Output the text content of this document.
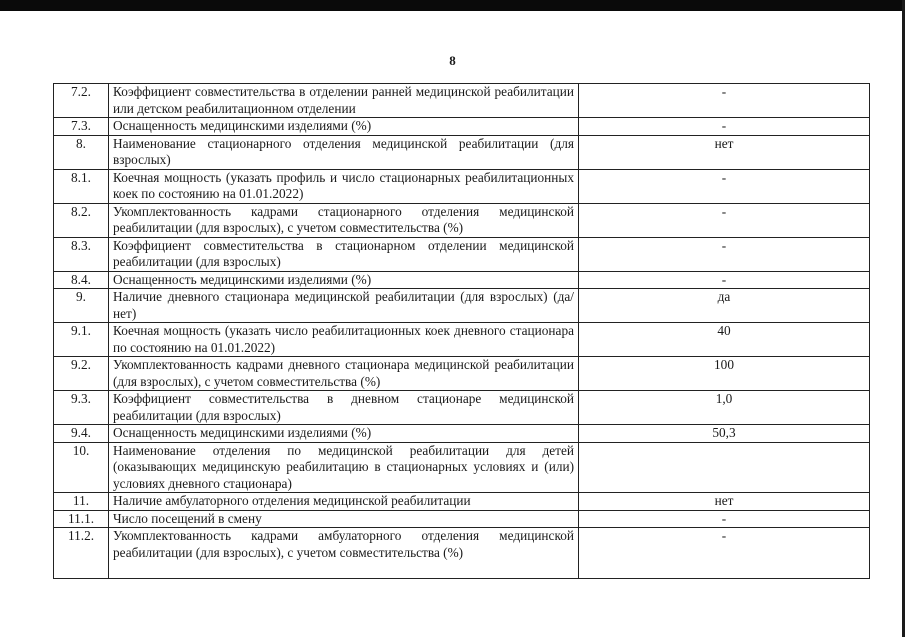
8
7.2.	Коэффициент совместительства в отделении ранней медицинской реабилитации или детском реабилитационном отделении	-
7.3.	Оснащенность медицинскими изделиями (%)	-
8.	Наименование стационарного отделения медицинской реабилитации (для взрослых)	нет
8.1.	Коечная мощность (указать профиль и число стационарных реабилитационных коек по состоянию на 01.01.2022)	-
8.2.	Укомплектованность кадрами стационарного отделения медицинской реабилитации (для взрослых), с учетом совместительства (%)	-
8.3.	Коэффициент совместительства в стационарном отделении медицинской реабилитации (для взрослых)	-
8.4.	Оснащенность медицинскими изделиями (%)	-
9.	Наличие дневного стационара медицинской реабилитации (для взрослых) (да/нет)	да
9.1.	Коечная мощность (указать число реабилитационных коек дневного стационара по состоянию на 01.01.2022)	40
9.2.	Укомплектованность кадрами дневного стационара медицинской реабилитации (для взрослых), с учетом совместительства (%)	100
9.3.	Коэффициент совместительства в дневном стационаре медицинской реабилитации (для взрослых)	1,0
9.4.	Оснащенность медицинскими изделиями (%)	50,3
10.	Наименование отделения по медицинской реабилитации для детей (оказывающих медицинскую реабилитацию в стационарных условиях и (или) условиях дневного стационара)	
11.	Наличие амбулаторного отделения медицинской реабилитации	нет
11.1.	Число посещений в смену	-
11.2.	Укомплектованность кадрами амбулаторного отделения медицинской реабилитации (для взрослых), с учетом совместительства (%)	-
